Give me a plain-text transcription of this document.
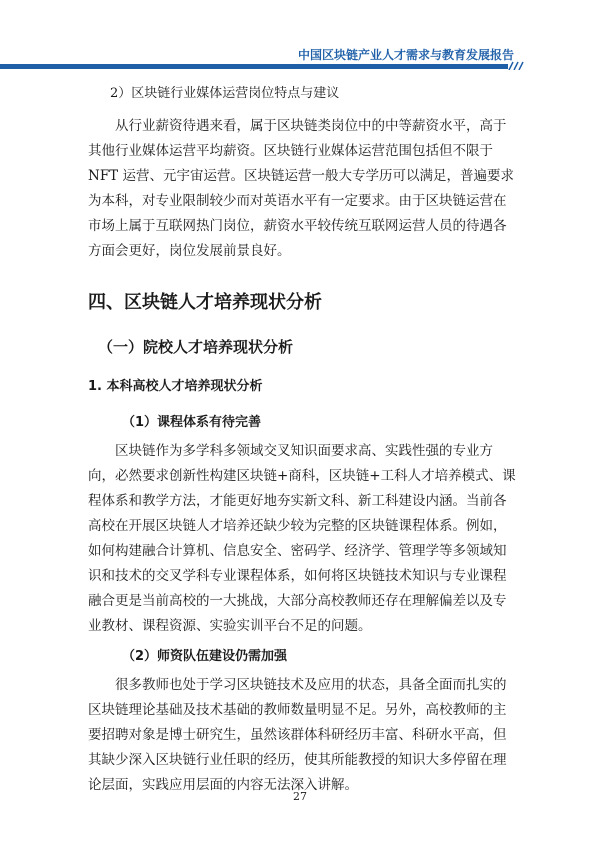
中国区块链产业人才需求与教育发展报告

2）区块链行业媒体运营岗位特点与建议

从行业薪资待遇来看，属于区块链类岗位中的中等薪资水平，高于其他行业媒体运营平均薪资。区块链行业媒体运营范围包括但不限于 NFT 运营、元宇宙运营。区块链运营一般大专学历可以满足，普遍要求为本科，对专业限制较少而对英语水平有一定要求。由于区块链运营在市场上属于互联网热门岗位，薪资水平较传统互联网运营人员的待遇各方面会更好，岗位发展前景良好。

四、区块链人才培养现状分析

（一）院校人才培养现状分析

1. 本科高校人才培养现状分析

（1）课程体系有待完善

区块链作为多学科多领域交叉知识面要求高、实践性强的专业方向，必然要求创新性构建区块链+商科，区块链+工科人才培养模式、课程体系和教学方法，才能更好地夯实新文科、新工科建设内涵。当前各高校在开展区块链人才培养还缺少较为完整的区块链课程体系。例如，如何构建融合计算机、信息安全、密码学、经济学、管理学等多领域知识和技术的交叉学科专业课程体系，如何将区块链技术知识与专业课程融合更是当前高校的一大挑战，大部分高校教师还存在理解偏差以及专业教材、课程资源、实验实训平台不足的问题。

（2）师资队伍建设仍需加强

很多教师也处于学习区块链技术及应用的状态，具备全面而扎实的区块链理论基础及技术基础的教师数量明显不足。另外，高校教师的主要招聘对象是博士研究生，虽然该群体科研经历丰富、科研水平高，但其缺少深入区块链行业任职的经历，使其所能教授的知识大多停留在理论层面，实践应用层面的内容无法深入讲解。

27
